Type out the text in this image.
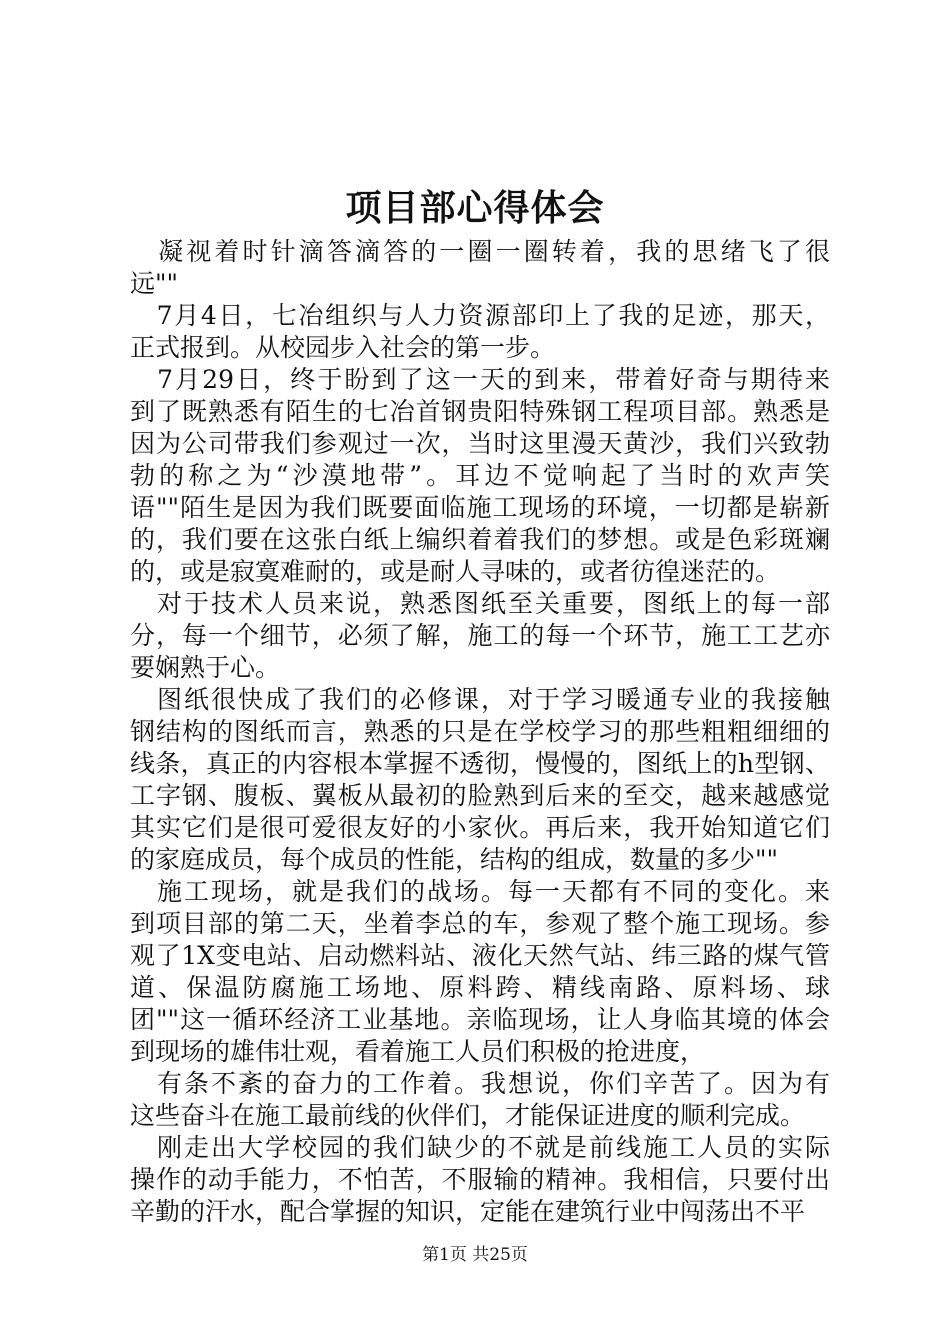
项目部心得体会

　凝视着时针滴答滴答的一圈一圈转着，我的思绪飞了很
远""

　7月4日，七冶组织与人力资源部印上了我的足迹，那天，
正式报到。从校园步入社会的第一步。

　7月29日，终于盼到了这一天的到来，带着好奇与期待来
到了既熟悉有陌生的七冶首钢贵阳特殊钢工程项目部。熟悉是
因为公司带我们参观过一次，当时这里漫天黄沙，我们兴致勃
勃的称之为“沙漠地带”。耳边不觉响起了当时的欢声笑
语""陌生是因为我们既要面临施工现场的环境，一切都是崭新
的，我们要在这张白纸上编织着着我们的梦想。或是色彩斑斓
的，或是寂寞难耐的，或是耐人寻味的，或者彷徨迷茫的。

　对于技术人员来说，熟悉图纸至关重要，图纸上的每一部
分，每一个细节，必须了解，施工的每一个环节，施工工艺亦
要娴熟于心。

　图纸很快成了我们的必修课，对于学习暖通专业的我接触
钢结构的图纸而言，熟悉的只是在学校学习的那些粗粗细细的
线条，真正的内容根本掌握不透彻，慢慢的，图纸上的h型钢、
工字钢、腹板、翼板从最初的脸熟到后来的至交，越来越感觉
其实它们是很可爱很友好的小家伙。再后来，我开始知道它们
的家庭成员，每个成员的性能，结构的组成，数量的多少""

　施工现场，就是我们的战场。每一天都有不同的变化。来
到项目部的第二天，坐着李总的车，参观了整个施工现场。参
观了1X变电站、启动燃料站、液化天然气站、纬三路的煤气管
道、保温防腐施工场地、原料跨、精线南路、原料场、球
团""这一循环经济工业基地。亲临现场，让人身临其境的体会
到现场的雄伟壮观，看着施工人员们积极的抢进度，

　有条不紊的奋力的工作着。我想说，你们辛苦了。因为有
这些奋斗在施工最前线的伙伴们，才能保证进度的顺利完成。

　刚走出大学校园的我们缺少的不就是前线施工人员的实际
操作的动手能力，不怕苦，不服输的精神。我相信，只要付出
辛勤的汗水，配合掌握的知识，定能在建筑行业中闯荡出不平

第1页 共25页
